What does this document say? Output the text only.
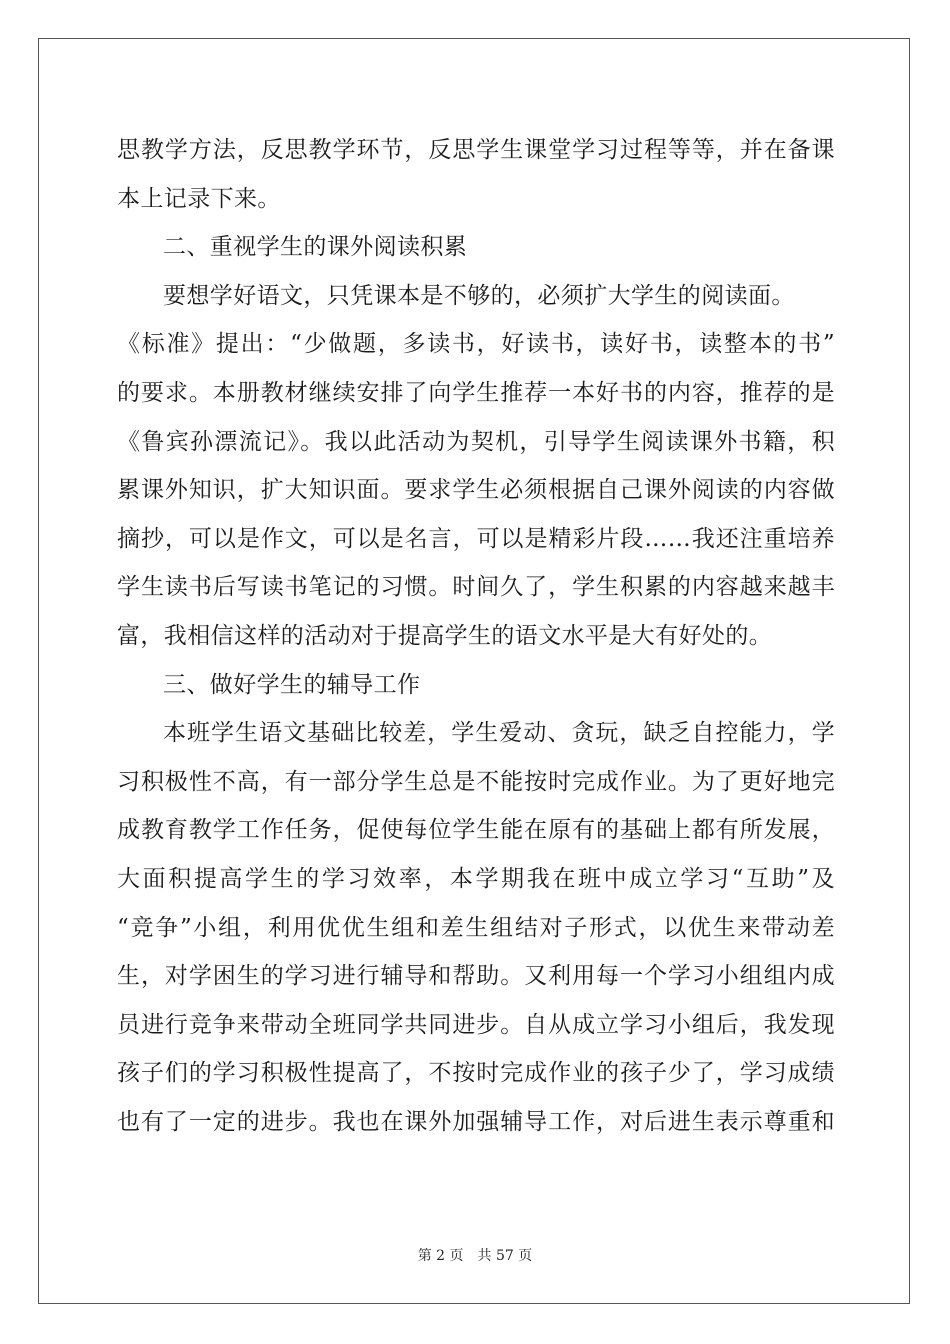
思教学方法，反思教学环节，反思学生课堂学习过程等等，并在备课
本上记录下来。
二、重视学生的课外阅读积累
要想学好语文，只凭课本是不够的，必须扩大学生的阅读面。
《标准》提出：“少做题，多读书，好读书，读好书，读整本的书”
的要求。本册教材继续安排了向学生推荐一本好书的内容，推荐的是
《鲁宾孙漂流记》。我以此活动为契机，引导学生阅读课外书籍，积
累课外知识，扩大知识面。要求学生必须根据自己课外阅读的内容做
摘抄，可以是作文，可以是名言，可以是精彩片段……我还注重培养
学生读书后写读书笔记的习惯。时间久了，学生积累的内容越来越丰
富，我相信这样的活动对于提高学生的语文水平是大有好处的。
三、做好学生的辅导工作
本班学生语文基础比较差，学生爱动、贪玩，缺乏自控能力，学
习积极性不高，有一部分学生总是不能按时完成作业。为了更好地完
成教育教学工作任务，促使每位学生能在原有的基础上都有所发展，
大面积提高学生的学习效率，本学期我在班中成立学习“互助”及
“竞争”小组，利用优优生组和差生组结对子形式，以优生来带动差
生，对学困生的学习进行辅导和帮助。又利用每一个学习小组组内成
员进行竞争来带动全班同学共同进步。自从成立学习小组后，我发现
孩子们的学习积极性提高了，不按时完成作业的孩子少了，学习成绩
也有了一定的进步。我也在课外加强辅导工作，对后进生表示尊重和
第 2 页　共 57 页
